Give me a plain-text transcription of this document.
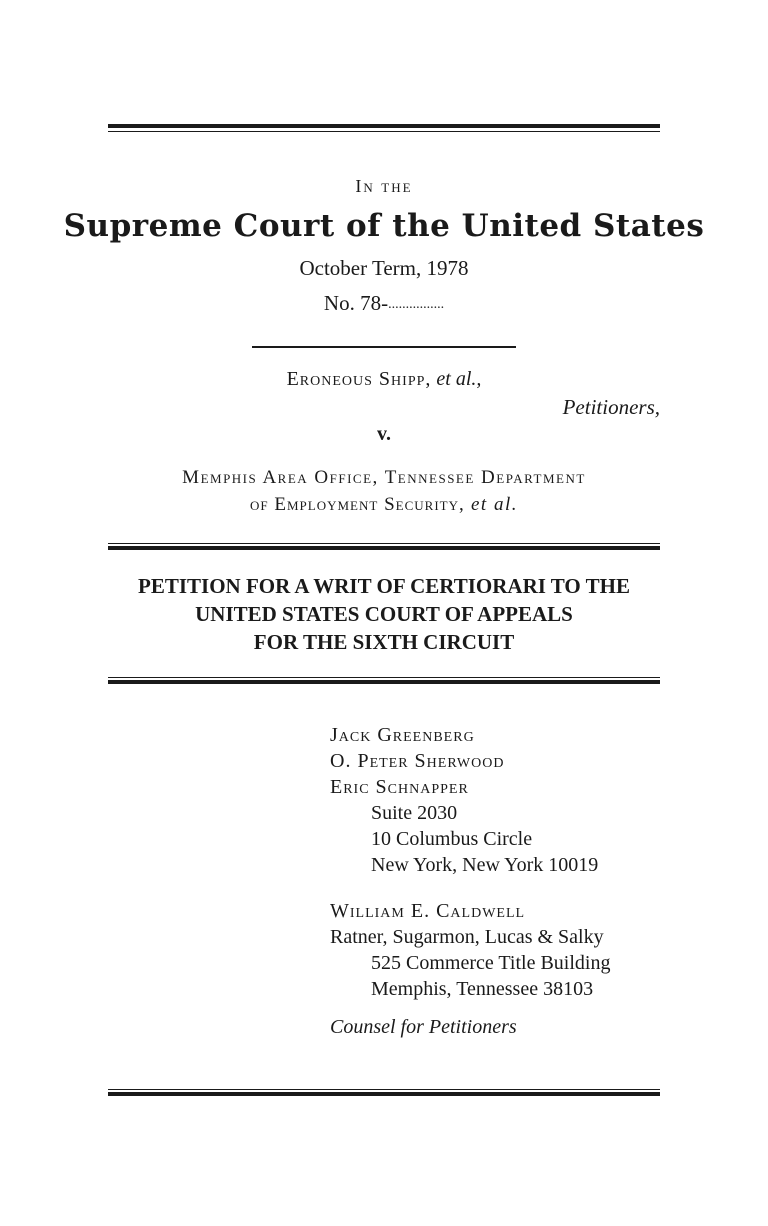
In the
Supreme Court of the United States
October Term, 1978
No. 78-................
Eroneous Shipp, et al.,
Petitioners,
v.
Memphis Area Office, Tennessee Department
of Employment Security, et al.
PETITION FOR A WRIT OF CERTIORARI TO THE
UNITED STATES COURT OF APPEALS
FOR THE SIXTH CIRCUIT
Jack Greenberg
O. Peter Sherwood
Eric Schnapper
Suite 2030
10 Columbus Circle
New York, New York 10019
William E. Caldwell
Ratner, Sugarmon, Lucas & Salky
525 Commerce Title Building
Memphis, Tennessee 38103
Counsel for Petitioners
